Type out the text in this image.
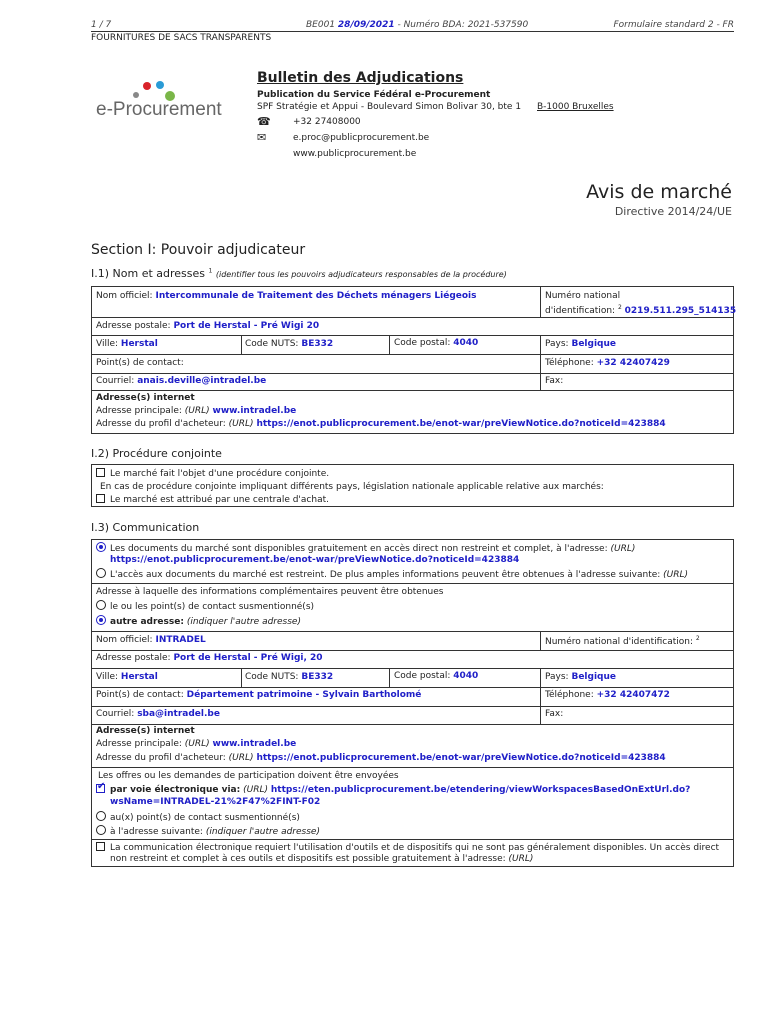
1 / 7	BE001 28/09/2021 - Numéro BDA: 2021-537590	Formulaire standard 2 - FR
FOURNITURES DE SACS TRANSPARENTS
e-Procurement
Bulletin des Adjudications
Publication du Service Fédéral e-Procurement
SPF Stratégie et Appui - Boulevard Simon Bolivar 30, bte 1 B-1000 Bruxelles
☎ +32 27408000
✉	e.proc@publicprocurement.be
www.publicprocurement.be
Avis de marché
Directive 2014/24/UE
Section I: Pouvoir adjudicateur
I.1) Nom et adresses $^1$ (identifier tous les pouvoirs adjudicateurs responsables de la procédure)
Nom officiel: Intercommunale de Traitement des Déchets ménagers Liégeois	Numéro national
d'identification: $^2$ 0219.511.295_514135
Adresse postale: Port de Herstal - Pré Wigi 20
Ville: Herstal	Code NUTS: BE332	Code postal: 4040	Pays: Belgique
Point(s) de contact:	Téléphone: +32 42407429
Courriel: anais.deville@intradel.be	Fax:
Adresse(s) internet
Adresse principale: (URL) www.intradel.be
Adresse du profil d'acheteur: (URL) https://enot.publicprocurement.be/enot-war/preViewNotice.do?noticeId=423884
I.2) Procédure conjointe
Le marché fait l'objet d'une procédure conjointe.
En cas de procédure conjointe impliquant différents pays, législation nationale applicable relative aux marchés:
Le marché est attribué par une centrale d'achat.
I.3) Communication
Les documents du marché sont disponibles gratuitement en accès direct non restreint et complet, à l'adresse: (URL)
https://enot.publicprocurement.be/enot-war/preViewNotice.do?noticeId=423884
L'accès aux documents du marché est restreint. De plus amples informations peuvent être obtenues à l'adresse suivante: (URL)
Adresse à laquelle des informations complémentaires peuvent être obtenues
le ou les point(s) de contact susmentionné(s)
autre adresse: (indiquer l'autre adresse)
Nom officiel: INTRADEL	Numéro national d'identification: $^2$
Adresse postale: Port de Herstal - Pré Wigi, 20
Ville: Herstal	Code NUTS: BE332	Code postal: 4040	Pays: Belgique
Point(s) de contact: Département patrimoine - Sylvain Bartholomé	Téléphone: +32 42407472
Courriel: sba@intradel.be	Fax:
Adresse(s) internet
Adresse principale: (URL) www.intradel.be
Adresse du profil d'acheteur: (URL) https://enot.publicprocurement.be/enot-war/preViewNotice.do?noticeId=423884
Les offres ou les demandes de participation doivent être envoyées
✔par voie électronique via: (URL) https://eten.publicprocurement.be/etendering/viewWorkspacesBasedOnExtUrl.do?
wsName=INTRADEL-21%2F47%2FINT-F02
au(x) point(s) de contact susmentionné(s)
à l'adresse suivante: (indiquer l'autre adresse)
La communication électronique requiert l'utilisation d'outils et de dispositifs qui ne sont pas généralement disponibles. Un accès direct
non restreint et complet à ces outils et dispositifs est possible gratuitement à l'adresse: (URL)
